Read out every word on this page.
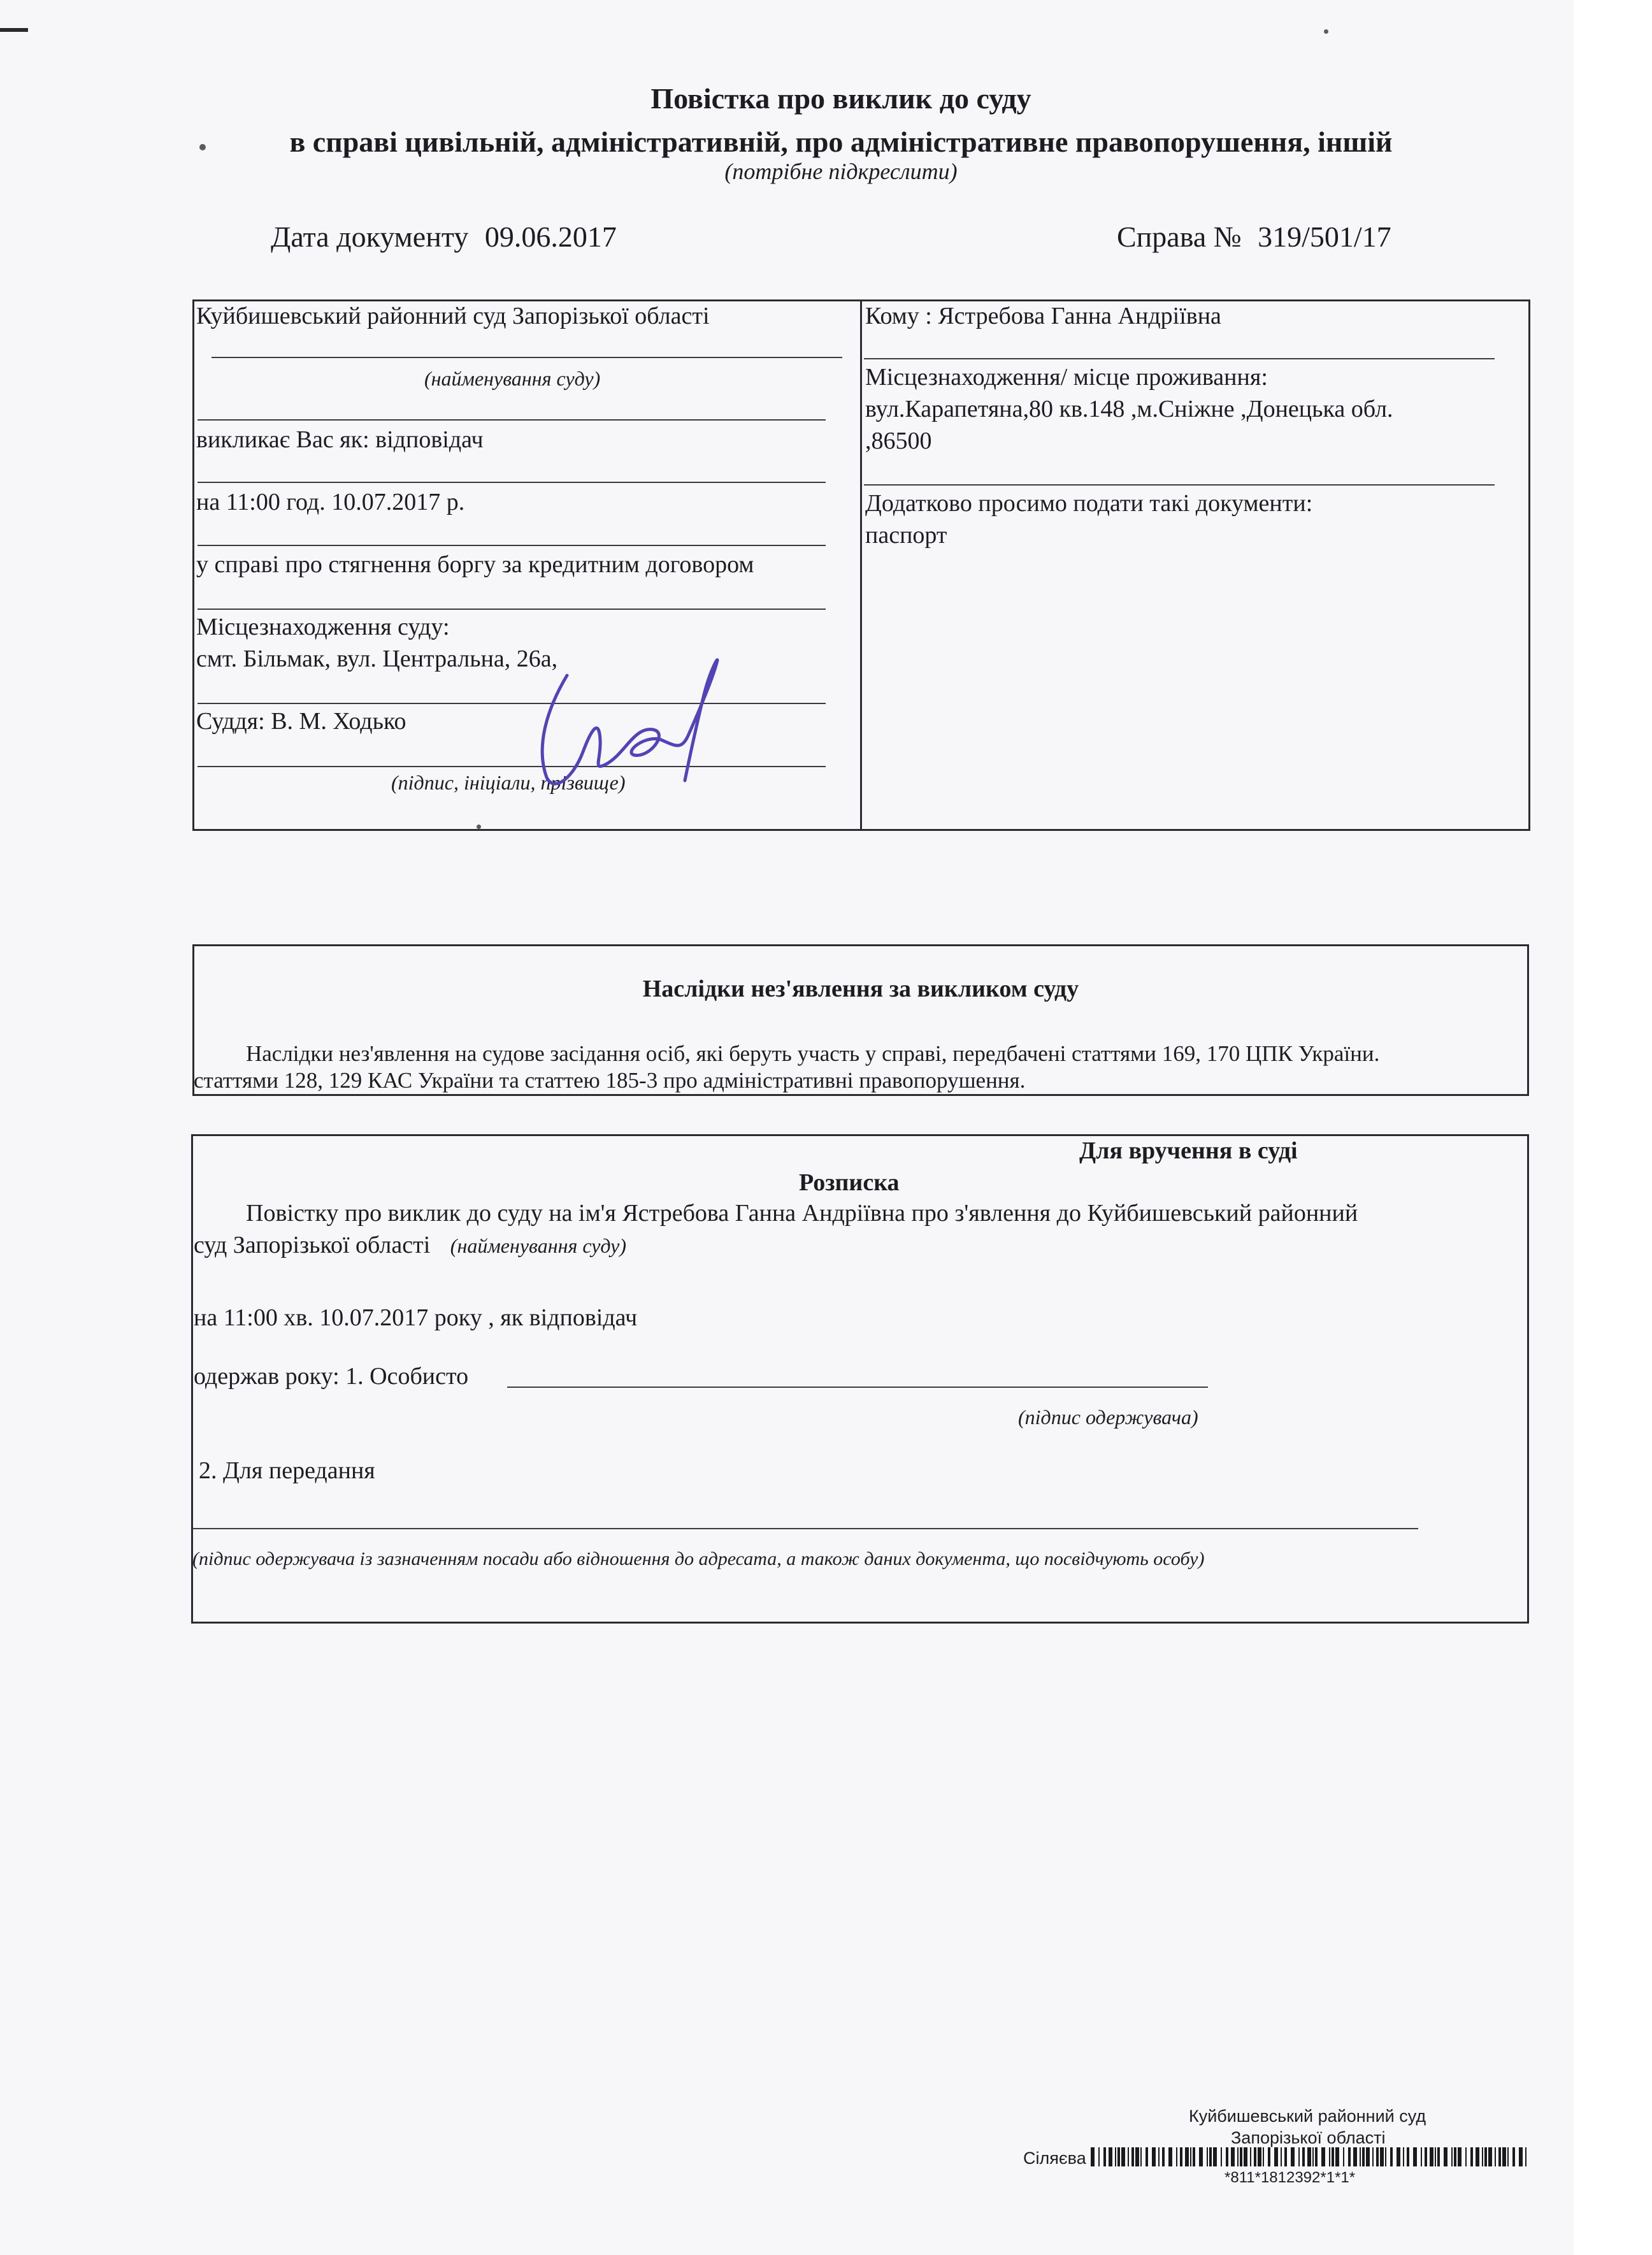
Повістка про виклик до суду
в справі цивільній, адміністративній, про адміністративне правопорушення, іншій
(потрібне підкреслити)
Дата документу 09.06.2017	Справа № 319/501/17
Куйбишевський районний суд Запорізької області
(найменування суду)
викликає Вас як: відповідач
на 11:00 год. 10.07.2017 р.
у справі про стягнення боргу за кредитним договором
Місцезнаходження суду:
смт. Більмак, вул. Центральна, 26а,
Суддя: В. М. Ходько
(підпис, ініціали, прізвище)
Кому : Ястребова Ганна Андріївна
Місцезнаходження/ місце проживання:
вул.Карапетяна,80 кв.148 ,м.Сніжне ,Донецька обл.
,86500
Додатково просимо подати такі документи:
паспорт
Наслідки нез'явлення за викликом суду
Наслідки нез'явлення на судове засідання осіб, які беруть участь у справі, передбачені статтями 169, 170 ЦПК України.
статтями 128, 129 КАС України та статтею 185-3 про адміністративні правопорушення.
Для вручення в суді
Розписка
Повістку про виклик до суду на ім'я Ястребова Ганна Андріївна про з'явлення до Куйбишевський районний
суд Запорізької області (найменування суду)
на 11:00 хв. 10.07.2017 року , як відповідач
одержав року: 1. Особисто
(підпис одержувача)
2. Для передання
(підпис одержувача із зазначенням посади або відношення до адресата, а також даних документа, що посвідчують особу)
Куйбишевський районний суд
Запорізької області
Сіляєва
*811*1812392*1*1*
